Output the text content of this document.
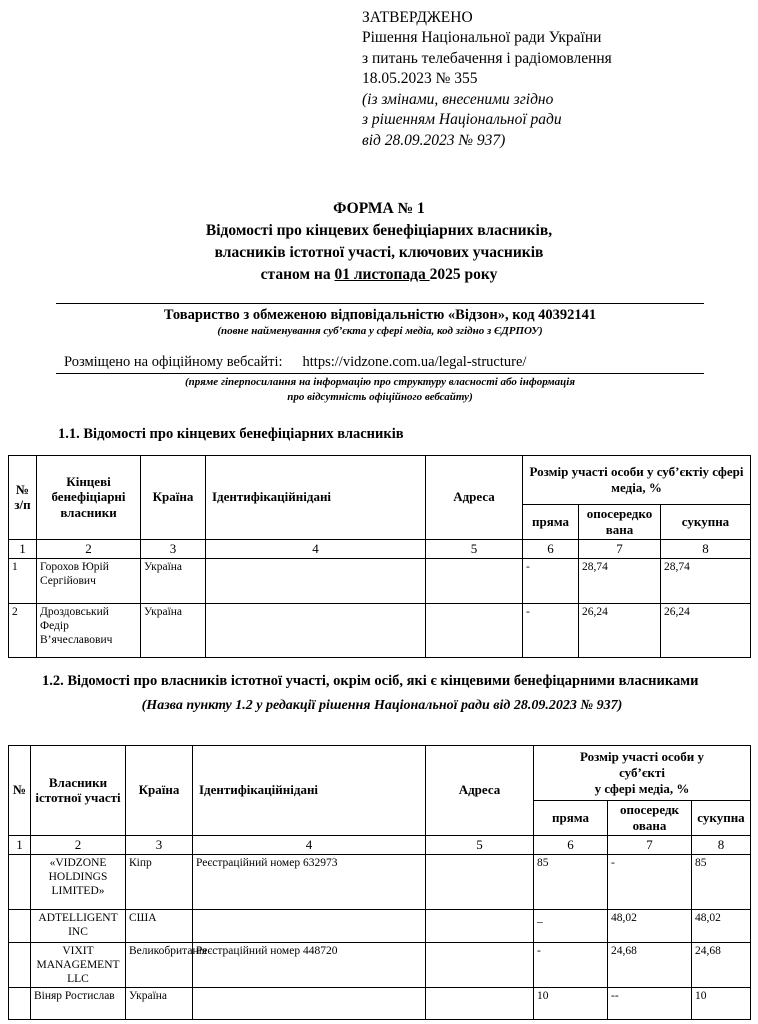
ЗАТВЕРДЖЕНО
Рішення Національної ради України
з питань телебачення і радіомовлення
18.05.2023 № 355
(із змінами, внесеними згідно
з рішенням Національної ради
від 28.09.2023 № 937)
ФОРМА № 1
Відомості про кінцевих бенефіціарних власників,
власників істотної участі, ключових учасників
станом на 01 листопада 2025 року
Товариство з обмеженою відповідальністю «Відзон», код 40392141
(повне найменування суб’єкта у сфері медіа, код згідно з ЄДРПОУ)
Розміщено на офіційному вебсайті: https://vidzone.com.ua/legal-structure/
(пряме гіперпосилання на інформацію про структуру власності або інформація
про відсутність офіційного вебсайту)
1.1. Відомості про кінцевих бенефіціарних власників
№
з/п	Кінцеві бенефіціарні власники	Країна	Ідентифікаційнідані	Адреса	Розмір участі особи у суб’єктіу сфері медіа, %		
					пряма	опосередко вана	сукупна
1	2	3	4	5	6	7	8
1	Горохов Юрій Сергійович	Україна			-	28,74	28,74
2	Дроздовський Федір В’ячеславович	Україна			-	26,24	26,24
1.2. Відомості про власників істотної участі, окрім осіб, які є кінцевими бенефіцарними власниками
(Назва пункту 1.2 у редакції рішення Національної ради від 28.09.2023 № 937)
№	Власники істотної участі	Країна	Ідентифікаційнідані	Адреса	Розмір участі особи у
суб’єкті
у сфері медіа, %		
					пряма	опосередк ована	сукупна
1	2	3	4	5	6	7	8
	«VIDZONE HOLDINGS LIMITED»	Кіпр	Реєстраційний номер 632973		85	-	85
	ADTELLIGENT INC	США			_	48,02	48,02
	VIXIT MANAGEMENT LLC	Великобританія	Реєстраційний номер 448720		-	24,68	24,68
	Віняр Ростислав	Україна			10	--	10
